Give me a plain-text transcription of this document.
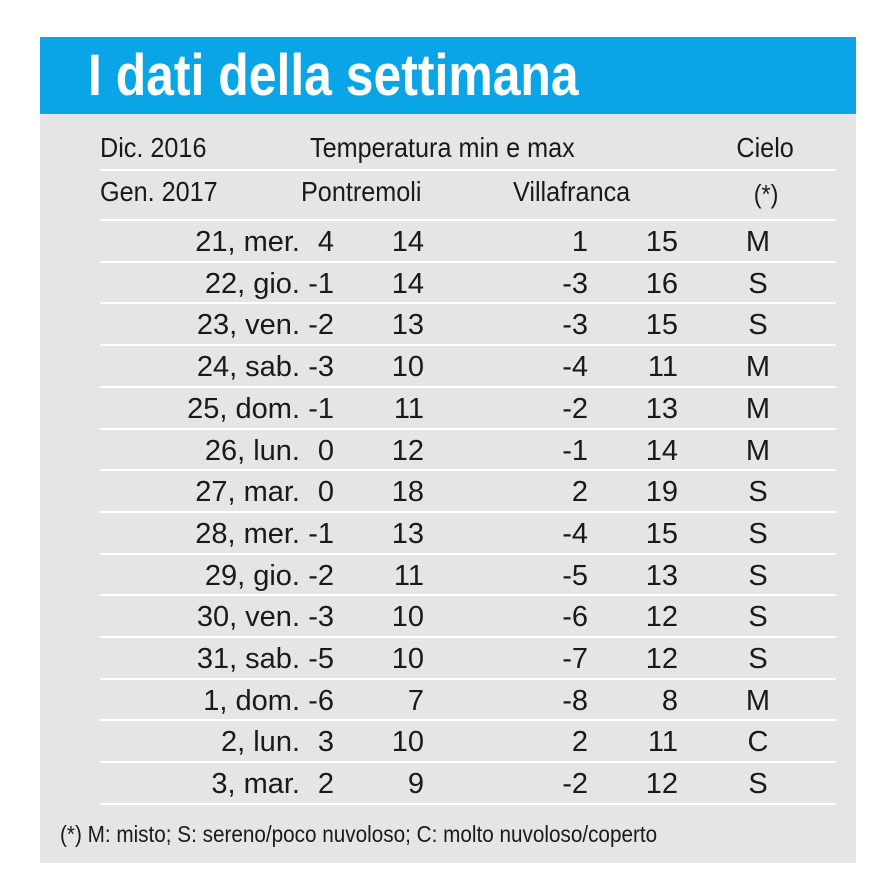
I dati della settimana
Dic. 2016	Temperatura min e max	Cielo
Gen. 2017	Pontremoli	Villafranca	(*)
21, mer. 4	14	1	15	M
22, gio. -1	14	-3	16	S
23, ven. -2	13	-3	15	S
24, sab. -3	10	-4	11	M
25, dom. -1	11	-2	13	M
26, lun. 0	12	-1	14	M
27, mar. 0	18	2	19	S
28, mer. -1	13	-4	15	S
29, gio. -2	11	-5	13	S
30, ven. -3	10	-6	12	S
31, sab. -5	10	-7	12	S
1, dom. -6	7	-8	8	M
2, lun. 3	10	2	11	C
3, mar. 2	9	-2	12	S
(*) M: misto; S: sereno/poco nuvoloso; C: molto nuvoloso/coperto
